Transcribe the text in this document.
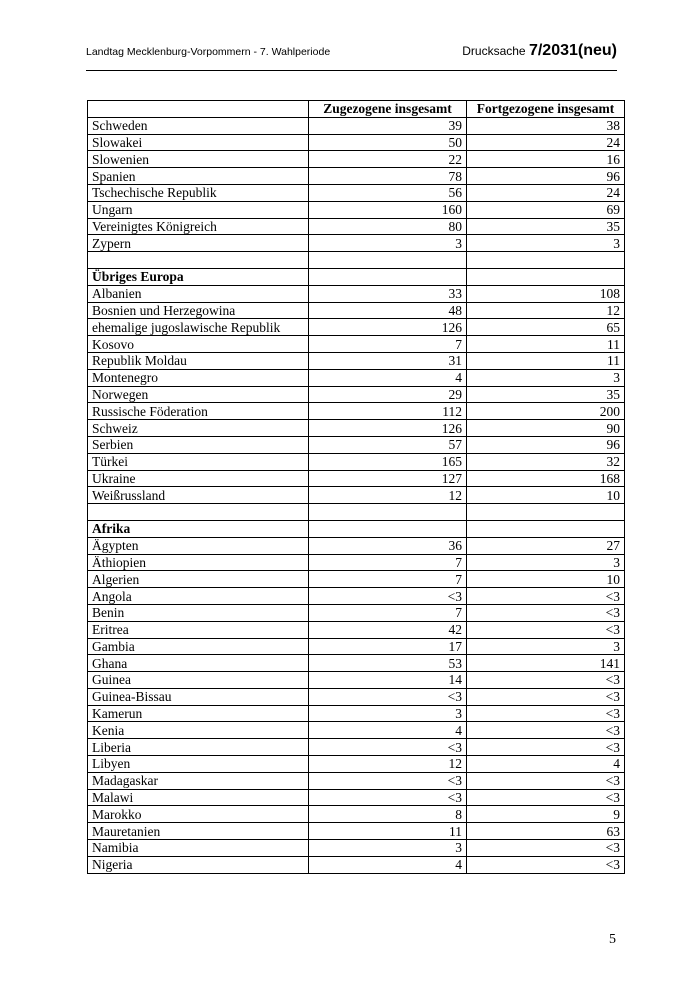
Landtag Mecklenburg-Vorpommern - 7. Wahlperiode	Drucksache 7/2031(neu)
	Zugezogene insgesamt	Fortgezogene insgesamt
Schweden	39	38
Slowakei	50	24
Slowenien	22	16
Spanien	78	96
Tschechische Republik	56	24
Ungarn	160	69
Vereinigtes Königreich	80	35
Zypern	3	3

Übriges Europa		
Albanien	33	108
Bosnien und Herzegowina	48	12
ehemalige jugoslawische Republik	126	65
Kosovo	7	11
Republik Moldau	31	11
Montenegro	4	3
Norwegen	29	35
Russische Föderation	112	200
Schweiz	126	90
Serbien	57	96
Türkei	165	32
Ukraine	127	168
Weißrussland	12	10

Afrika		
Ägypten	36	27
Äthiopien	7	3
Algerien	7	10
Angola	<3	<3
Benin	7	<3
Eritrea	42	<3
Gambia	17	3
Ghana	53	141
Guinea	14	<3
Guinea-Bissau	<3	<3
Kamerun	3	<3
Kenia	4	<3
Liberia	<3	<3
Libyen	12	4
Madagaskar	<3	<3
Malawi	<3	<3
Marokko	8	9
Mauretanien	11	63
Namibia	3	<3
Nigeria	4	<3
5
